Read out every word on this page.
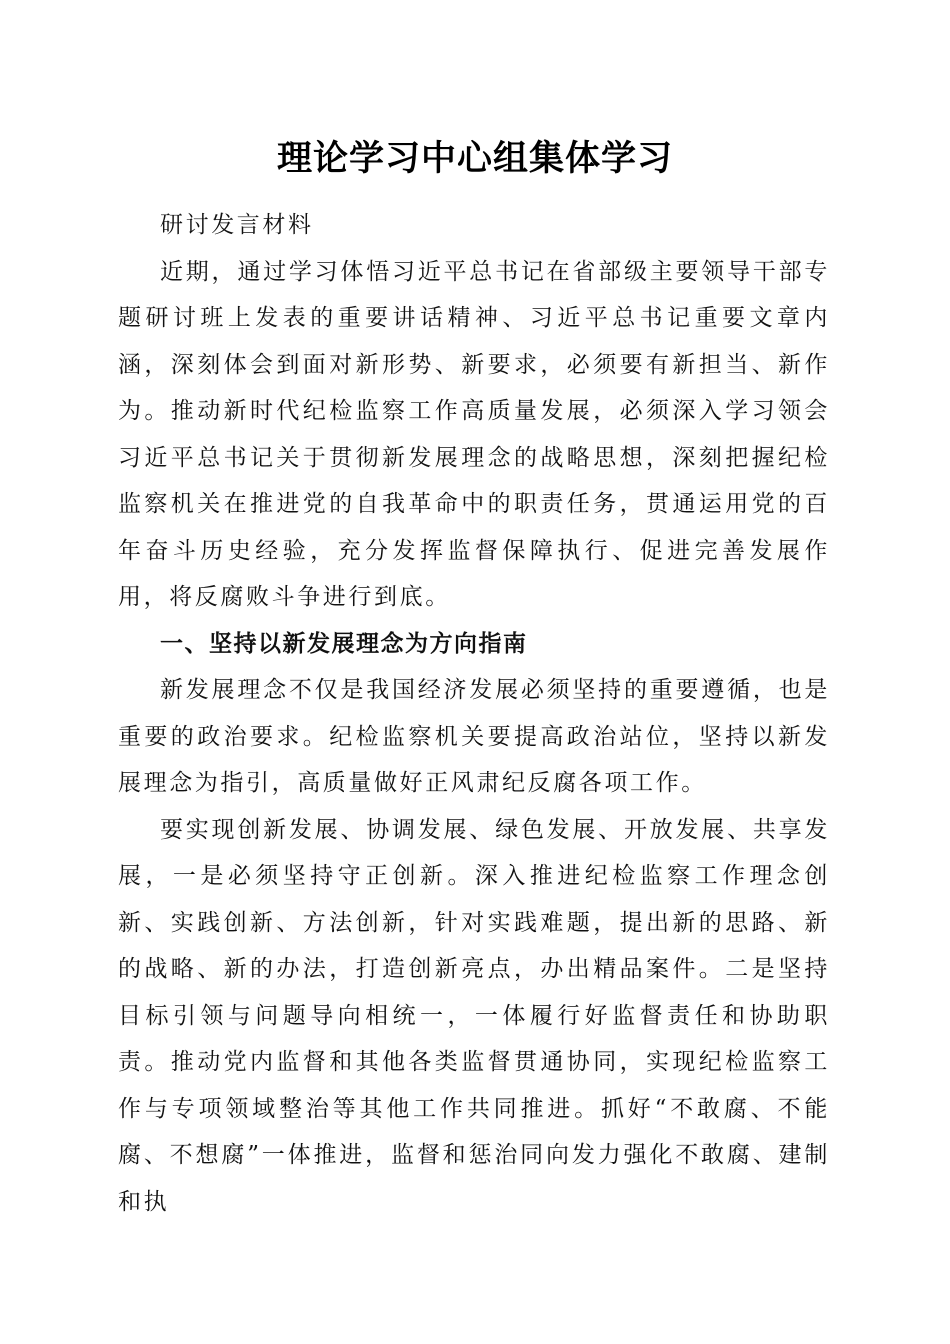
理论学习中心组集体学习

研讨发言材料

近期，通过学习体悟习近平总书记在省部级主要领导干部专题研讨班上发表的重要讲话精神、习近平总书记重要文章内涵，深刻体会到面对新形势、新要求，必须要有新担当、新作为。推动新时代纪检监察工作高质量发展，必须深入学习领会习近平总书记关于贯彻新发展理念的战略思想，深刻把握纪检监察机关在推进党的自我革命中的职责任务，贯通运用党的百年奋斗历史经验，充分发挥监督保障执行、促进完善发展作用，将反腐败斗争进行到底。

一、坚持以新发展理念为方向指南

新发展理念不仅是我国经济发展必须坚持的重要遵循，也是重要的政治要求。纪检监察机关要提高政治站位，坚持以新发展理念为指引，高质量做好正风肃纪反腐各项工作。

要实现创新发展、协调发展、绿色发展、开放发展、共享发展，一是必须坚持守正创新。深入推进纪检监察工作理念创新、实践创新、方法创新，针对实践难题，提出新的思路、新的战略、新的办法，打造创新亮点，办出精品案件。二是坚持目标引领与问题导向相统一，一体履行好监督责任和协助职责。推动党内监督和其他各类监督贯通协同，实现纪检监察工作与专项领域整治等其他工作共同推进。抓好“不敢腐、不能腐、不想腐”一体推进，监督和惩治同向发力强化不敢腐、建制和执
